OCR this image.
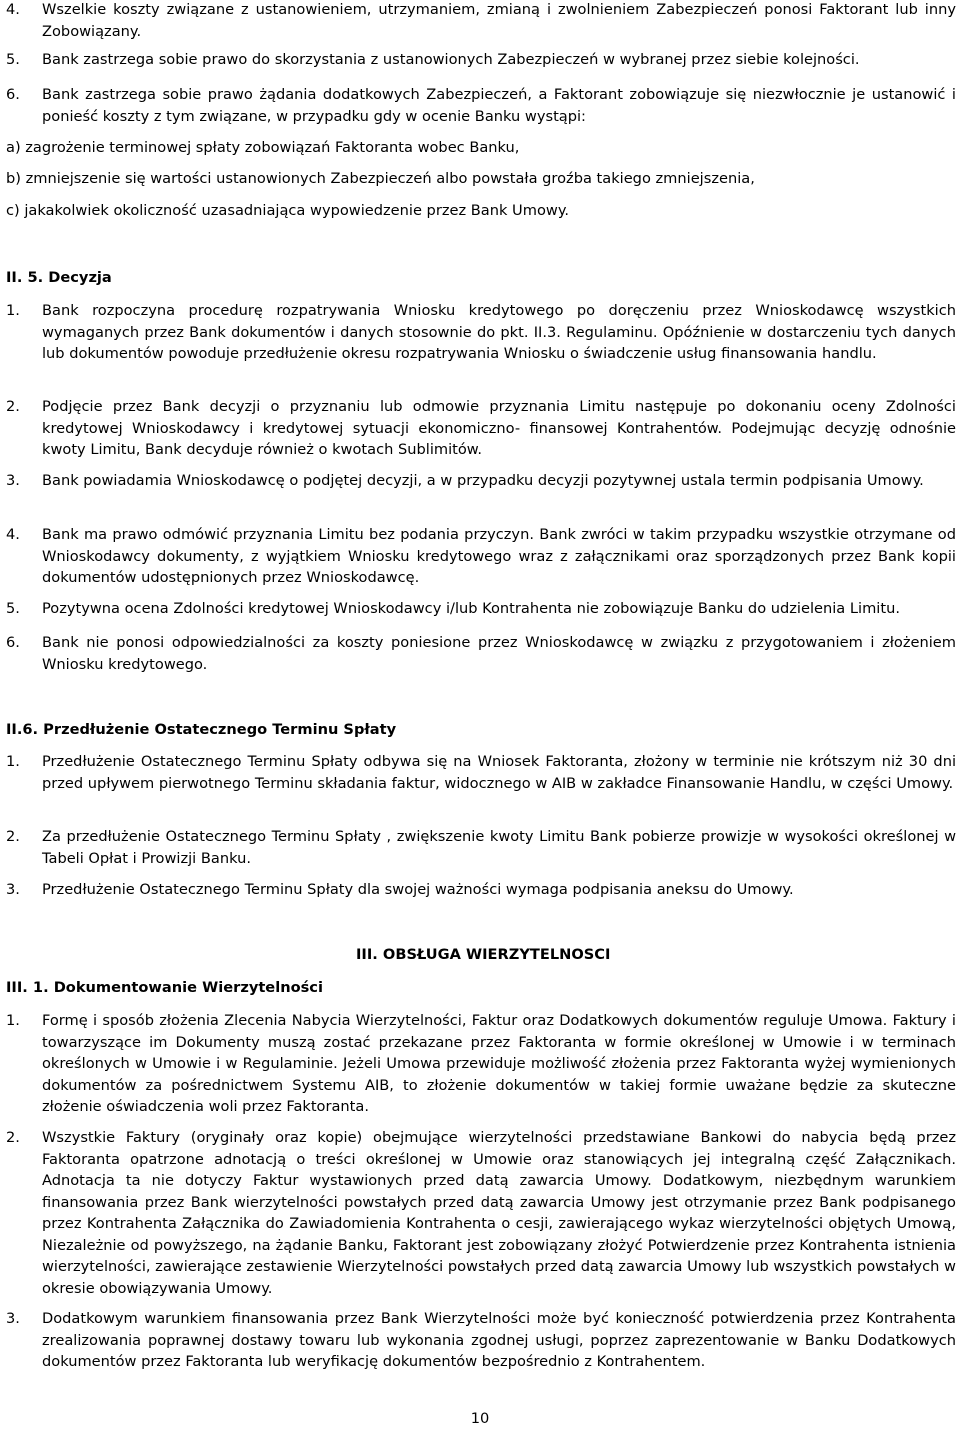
4. Wszelkie koszty związane z ustanowieniem, utrzymaniem, zmianą i zwolnieniem Zabezpieczeń ponosi Faktorant lub inny Zobowiązany.
5. Bank zastrzega sobie prawo do skorzystania z ustanowionych Zabezpieczeń w wybranej przez siebie kolejności.
6. Bank zastrzega sobie prawo żądania dodatkowych Zabezpieczeń, a Faktorant zobowiązuje się niezwłocznie je ustanowić i ponieść koszty z tym związane, w przypadku gdy w ocenie Banku wystąpi:
a) zagrożenie terminowej spłaty zobowiązań Faktoranta wobec Banku,
b) zmniejszenie się wartości ustanowionych Zabezpieczeń albo powstała groźba takiego zmniejszenia,
c) jakakolwiek okoliczność uzasadniająca wypowiedzenie przez Bank Umowy.
II. 5. Decyzja
1. Bank rozpoczyna procedurę rozpatrywania Wniosku kredytowego po doręczeniu przez Wnioskodawcę wszystkich wymaganych przez Bank dokumentów i danych stosownie do pkt. II.3. Regulaminu. Opóźnienie w dostarczeniu tych danych lub dokumentów powoduje przedłużenie okresu rozpatrywania Wniosku o świadczenie usług finansowania handlu.
2. Podjęcie przez Bank decyzji o przyznaniu lub odmowie przyznania Limitu następuje po dokonaniu oceny Zdolności kredytowej Wnioskodawcy i kredytowej sytuacji ekonomiczno- finansowej Kontrahentów. Podejmując decyzję odnośnie kwoty Limitu, Bank decyduje również o kwotach Sublimitów.
3. Bank powiadamia Wnioskodawcę o podjętej decyzji, a w przypadku decyzji pozytywnej ustala termin podpisania Umowy.
4. Bank ma prawo odmówić przyznania Limitu bez podania przyczyn. Bank zwróci w takim przypadku wszystkie otrzymane od Wnioskodawcy dokumenty, z wyjątkiem Wniosku kredytowego wraz z załącznikami oraz sporządzonych przez Bank kopii dokumentów udostępnionych przez Wnioskodawcę.
5. Pozytywna ocena Zdolności kredytowej Wnioskodawcy i/lub Kontrahenta nie zobowiązuje Banku do udzielenia Limitu.
6. Bank nie ponosi odpowiedzialności za koszty poniesione przez Wnioskodawcę w związku z przygotowaniem i złożeniem Wniosku kredytowego.
II.6. Przedłużenie Ostatecznego Terminu Spłaty
1. Przedłużenie Ostatecznego Terminu Spłaty odbywa się na Wniosek Faktoranta, złożony w terminie nie krótszym niż 30 dni przed upływem pierwotnego Terminu składania faktur, widocznego w AIB w zakładce Finansowanie Handlu, w części Umowy.
2. Za przedłużenie Ostatecznego Terminu Spłaty , zwiększenie kwoty Limitu Bank pobierze prowizje w wysokości określonej w Tabeli Opłat i Prowizji Banku.
3. Przedłużenie Ostatecznego Terminu Spłaty dla swojej ważności wymaga podpisania aneksu do Umowy.
III. OBSŁUGA WIERZYTELNOSCI
III. 1. Dokumentowanie Wierzytelności
1. Formę i sposób złożenia Zlecenia Nabycia Wierzytelności, Faktur oraz Dodatkowych dokumentów reguluje Umowa. Faktury i towarzyszące im Dokumenty muszą zostać przekazane przez Faktoranta w formie określonej w Umowie i w terminach określonych w Umowie i w Regulaminie. Jeżeli Umowa przewiduje możliwość złożenia przez Faktoranta wyżej wymienionych dokumentów za pośrednictwem Systemu AIB, to złożenie dokumentów w takiej formie uważane będzie za skuteczne złożenie oświadczenia woli przez Faktoranta.
2. Wszystkie Faktury (oryginały oraz kopie) obejmujące wierzytelności przedstawiane Bankowi do nabycia będą przez Faktoranta opatrzone adnotacją o treści określonej w Umowie oraz stanowiących jej integralną część Załącznikach. Adnotacja ta nie dotyczy Faktur wystawionych przed datą zawarcia Umowy. Dodatkowym, niezbędnym warunkiem finansowania przez Bank wierzytelności powstałych przed datą zawarcia Umowy jest otrzymanie przez Bank podpisanego przez Kontrahenta Załącznika do Zawiadomienia Kontrahenta o cesji, zawierającego wykaz wierzytelności objętych Umową, Niezależnie od powyższego, na żądanie Banku, Faktorant jest zobowiązany złożyć Potwierdzenie przez Kontrahenta istnienia wierzytelności, zawierające zestawienie Wierzytelności powstałych przed datą zawarcia Umowy lub wszystkich powstałych w okresie obowiązywania Umowy.
3. Dodatkowym warunkiem finansowania przez Bank Wierzytelności może być konieczność potwierdzenia przez Kontrahenta zrealizowania poprawnej dostawy towaru lub wykonania zgodnej usługi, poprzez zaprezentowanie w Banku Dodatkowych dokumentów przez Faktoranta lub weryfikację dokumentów bezpośrednio z Kontrahentem.
10
